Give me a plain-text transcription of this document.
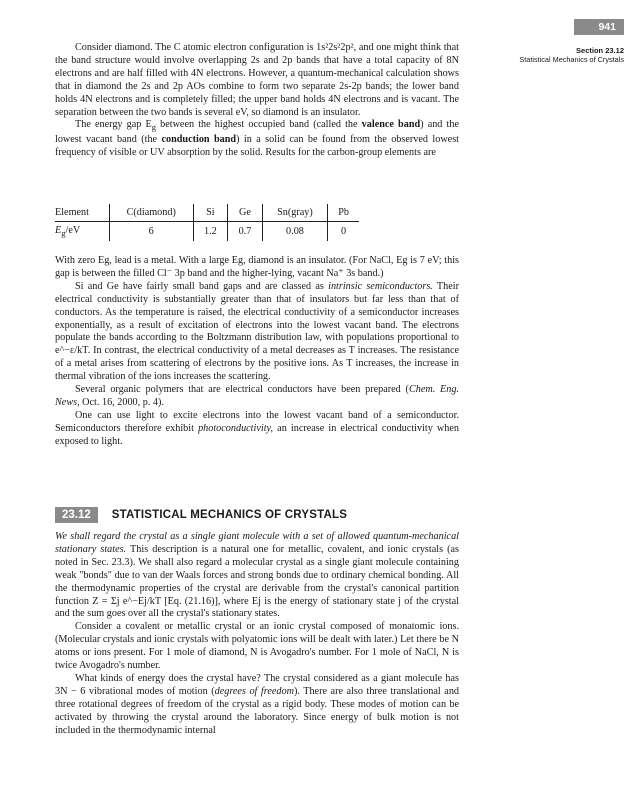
941
Section 23.12
Statistical Mechanics of Crystals

Consider diamond. The C atomic electron configuration is 1s²2s²2p², and one might think that the band structure would involve overlapping 2s and 2p bands that have a total capacity of 8N electrons and are half filled with 4N electrons. However, a quantum-mechanical calculation shows that in diamond the 2s and 2p AOs combine to form two separate 2s-2p bands; the lower band holds 4N electrons and is completely filled; the upper band holds 4N electrons and is vacant. The separation between the two bands is several eV, so diamond is an insulator.

The energy gap $E_g$ between the highest occupied band (called the valence band) and the lowest vacant band (the conduction band) in a solid can be found from the observed lowest frequency of visible or UV absorption by the solid. Results for the carbon-group elements are

Element	C(diamond)	Si	Ge	Sn(gray)	Pb
$E_g/eV$	6	1.2	0.7	0.08	0

With zero Eg, lead is a metal. With a large Eg, diamond is an insulator. (For NaCl, Eg is 7 eV; this gap is between the filled Cl⁻ 3p band and the higher-lying, vacant Na⁺ 3s band.)

Si and Ge have fairly small band gaps and are classed as intrinsic semiconductors. Their electrical conductivity is substantially greater than that of insulators but far less than that of conductors. As the temperature is raised, the electrical conductivity of a semiconductor increases exponentially, as a result of excitation of electrons into the lowest vacant band. The electrons populate the bands according to the Boltzmann distribution law, with populations proportional to e^−ε/kT. In contrast, the electrical conductivity of a metal decreases as T increases. The resistance of a metal arises from scattering of electrons by the positive ions. As T increases, the increase in thermal vibration of the ions increases the scattering.

Several organic polymers that are electrical conductors have been prepared (Chem. Eng. News, Oct. 16, 2000, p. 4).

One can use light to excite electrons into the lowest vacant band of a semiconductor. Semiconductors therefore exhibit photoconductivity, an increase in electrical conductivity when exposed to light.

23.12	STATISTICAL MECHANICS OF CRYSTALS

We shall regard the crystal as a single giant molecule with a set of allowed quantum-mechanical stationary states. This description is a natural one for metallic, covalent, and ionic crystals (as noted in Sec. 23.3). We shall also regard a molecular crystal as a single giant molecule containing weak "bonds" due to van der Waals forces and strong bonds due to ordinary chemical bonding. All the thermodynamic properties of the crystal are derivable from the crystal's canonical partition function Z = Σj e^−Ej/kT [Eq. (21.16)], where Ej is the energy of stationary state j of the crystal and the sum goes over all the crystal's stationary states.

Consider a covalent or metallic crystal or an ionic crystal composed of monatomic ions. (Molecular crystals and ionic crystals with polyatomic ions will be dealt with later.) Let there be N atoms or ions present. For 1 mole of diamond, N is Avogadro's number. For 1 mole of NaCl, N is twice Avogadro's number.

What kinds of energy does the crystal have? The crystal considered as a giant molecule has 3N − 6 vibrational modes of motion (degrees of freedom). There are also three translational and three rotational degrees of freedom of the crystal as a rigid body. These modes of motion can be activated by throwing the crystal around the laboratory. Since energy of bulk motion is not included in the thermodynamic internal
